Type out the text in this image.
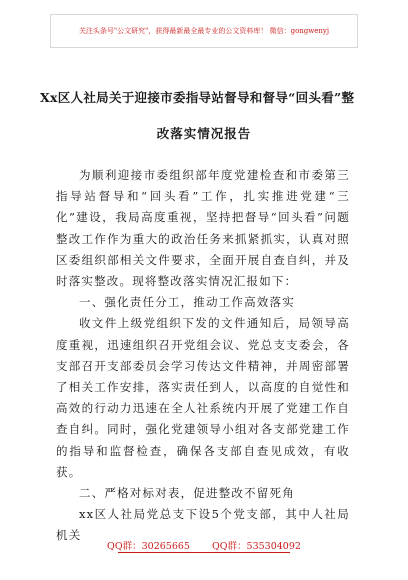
关注头条号"公文研究"，获得最新最全最专业的公文资料库！ 微信：gongwenyj
Xx区人社局关于迎接市委指导站督导和督导“回头看”整
改落实情况报告

为顺利迎接市委组织部年度党建检查和市委第三指导站督导和“回头看”工作，扎实推进党建“三化”建设，我局高度重视，坚持把督导“回头看”问题整改工作作为重大的政治任务来抓紧抓实，认真对照区委组织部相关文件要求，全面开展自查自纠，并及时落实整改。现将整改落实情况汇报如下：

一、强化责任分工，推动工作高效落实

收文件上级党组织下发的文件通知后，局领导高度重视，迅速组织召开党组会议、党总支支委会，各支部召开支部委员会学习传达文件精神，并周密部署了相关工作安排，落实责任到人，以高度的自觉性和高效的行动力迅速在全人社系统内开展了党建工作自查自纠。同时，强化党建领导小组对各支部党建工作的指导和监督检查，确保各支部自查见成效，有收获。

二、严格对标对表，促进整改不留死角

xx区人社局党总支下设5个党支部，其中人社局机关

QQ群：30265665 QQ群：535304092
